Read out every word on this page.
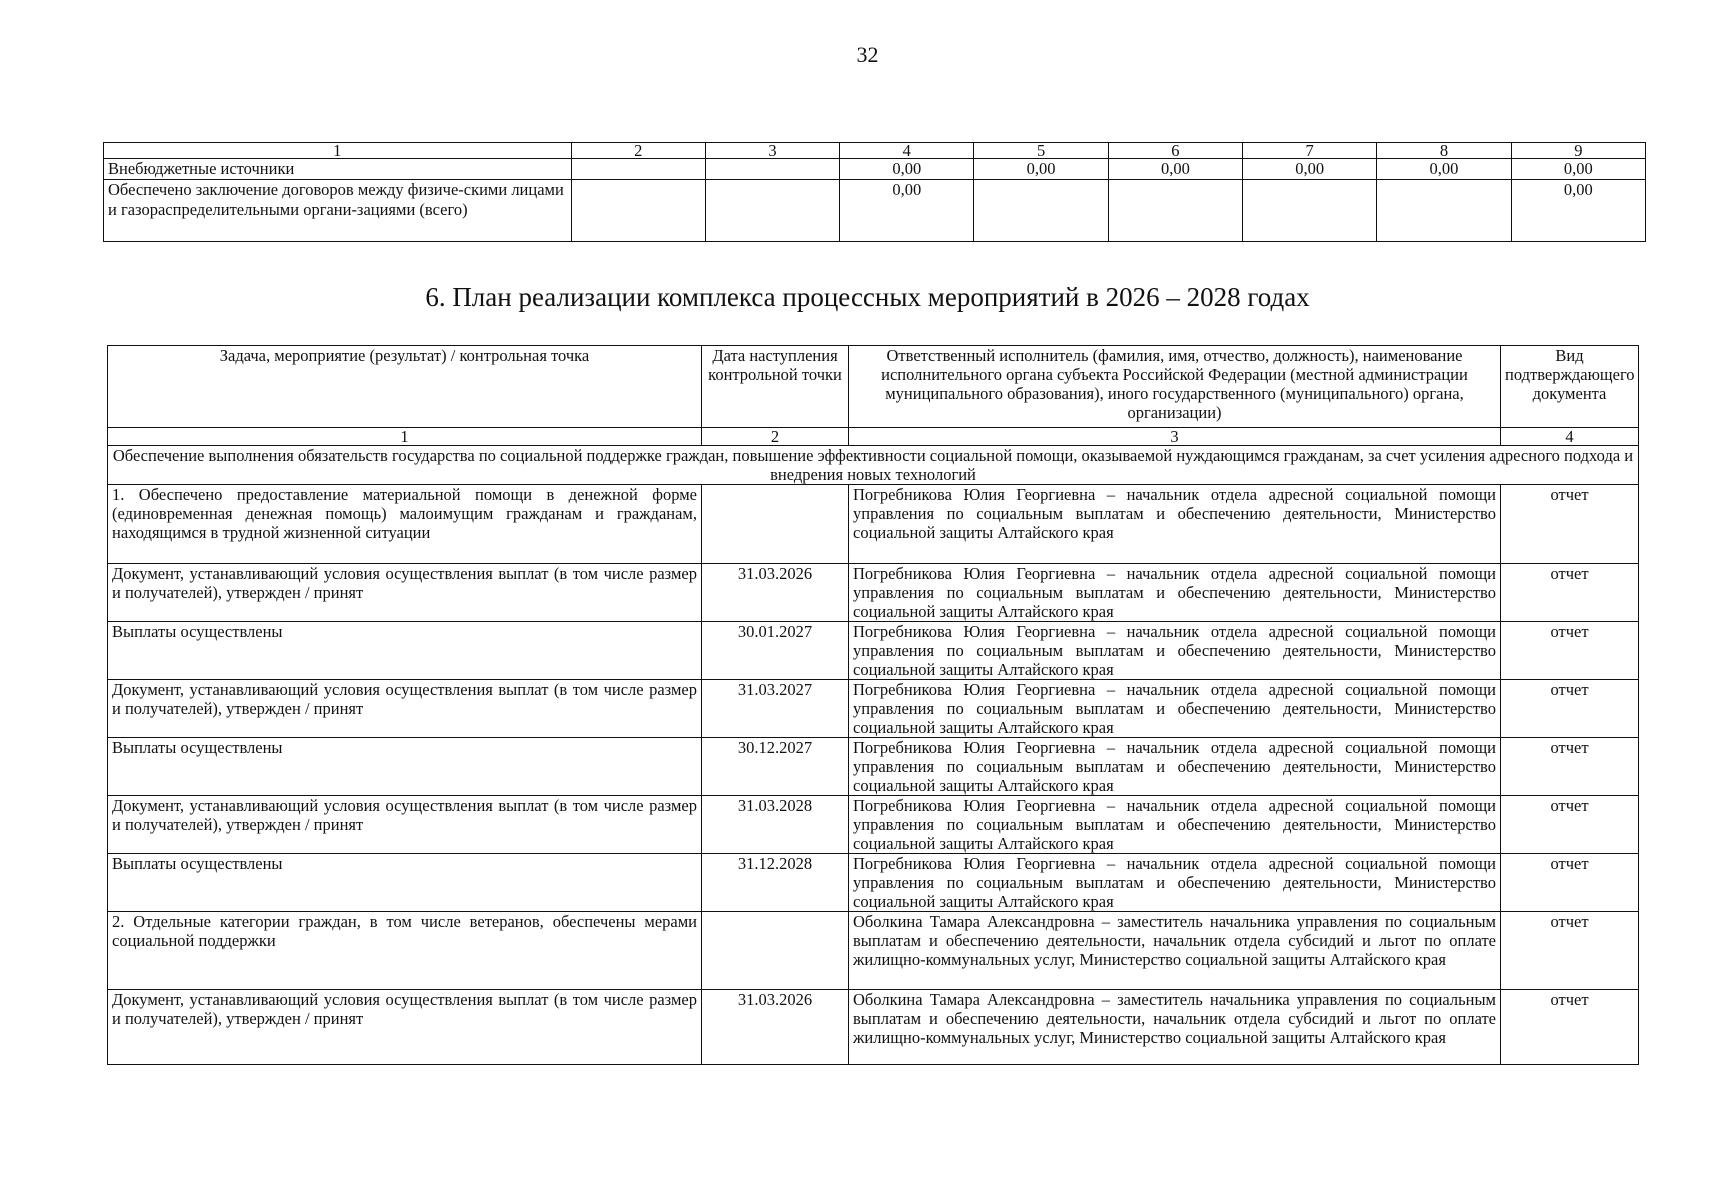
32
1	2	3	4	5	6	7	8	9
Внебюджетные источники			0,00	0,00	0,00	0,00	0,00	0,00
Обеспечено заключение договоров между физиче-скими лицами и газораспределительными органи-зациями (всего)			0,00					0,00
6. План реализации комплекса процессных мероприятий в 2026 – 2028 годах
Задача, мероприятие (результат) / контрольная точка	Дата наступления контрольной точки	Ответственный исполнитель (фамилия, имя, отчество, должность), наименование исполнительного органа субъекта Российской Федерации (местной администрации муниципального образования), иного государственного (муниципального) органа, организации)	Вид подтверждающего документа
1	2	3	4
Обеспечение выполнения обязательств государства по социальной поддержке граждан, повышение эффективности социальной помощи, оказываемой нуждающимся гражданам, за счет усиления адресного подхода и внедрения новых технологий			
1. Обеспечено предоставление материальной помощи в денежной форме (единовременная денежная помощь) малоимущим гражданам и гражданам, находящимся в трудной жизненной ситуации		Погребникова Юлия Георгиевна – начальник отдела адресной социальной помощи управления по социальным выплатам и обеспечению деятельности, Министерство социальной защиты Алтайского края	отчет
Документ, устанавливающий условия осуществления выплат (в том числе размер и получателей), утвержден / принят	31.03.2026	Погребникова Юлия Георгиевна – начальник отдела адресной социальной помощи управления по социальным выплатам и обеспечению деятельности, Министерство социальной защиты Алтайского края	отчет
Выплаты осуществлены	30.01.2027	Погребникова Юлия Георгиевна – начальник отдела адресной социальной помощи управления по социальным выплатам и обеспечению деятельности, Министерство социальной защиты Алтайского края	отчет
Документ, устанавливающий условия осуществления выплат (в том числе размер и получателей), утвержден / принят	31.03.2027	Погребникова Юлия Георгиевна – начальник отдела адресной социальной помощи управления по социальным выплатам и обеспечению деятельности, Министерство социальной защиты Алтайского края	отчет
Выплаты осуществлены	30.12.2027	Погребникова Юлия Георгиевна – начальник отдела адресной социальной помощи управления по социальным выплатам и обеспечению деятельности, Министерство социальной защиты Алтайского края	отчет
Документ, устанавливающий условия осуществления выплат (в том числе размер и получателей), утвержден / принят	31.03.2028	Погребникова Юлия Георгиевна – начальник отдела адресной социальной помощи управления по социальным выплатам и обеспечению деятельности, Министерство социальной защиты Алтайского края	отчет
Выплаты осуществлены	31.12.2028	Погребникова Юлия Георгиевна – начальник отдела адресной социальной помощи управления по социальным выплатам и обеспечению деятельности, Министерство социальной защиты Алтайского края	отчет
2. Отдельные категории граждан, в том числе ветеранов, обеспечены мерами социальной поддержки		Оболкина Тамара Александровна – заместитель начальника управления по социальным выплатам и обеспечению деятельности, начальник отдела субсидий и льгот по оплате жилищно-коммунальных услуг, Министерство социальной защиты Алтайского края	отчет
Документ, устанавливающий условия осуществления выплат (в том числе размер и получателей), утвержден / принят	31.03.2026	Оболкина Тамара Александровна – заместитель начальника управления по социальным выплатам и обеспечению деятельности, начальник отдела субсидий и льгот по оплате жилищно-коммунальных услуг, Министерство социальной защиты Алтайского края	отчет
